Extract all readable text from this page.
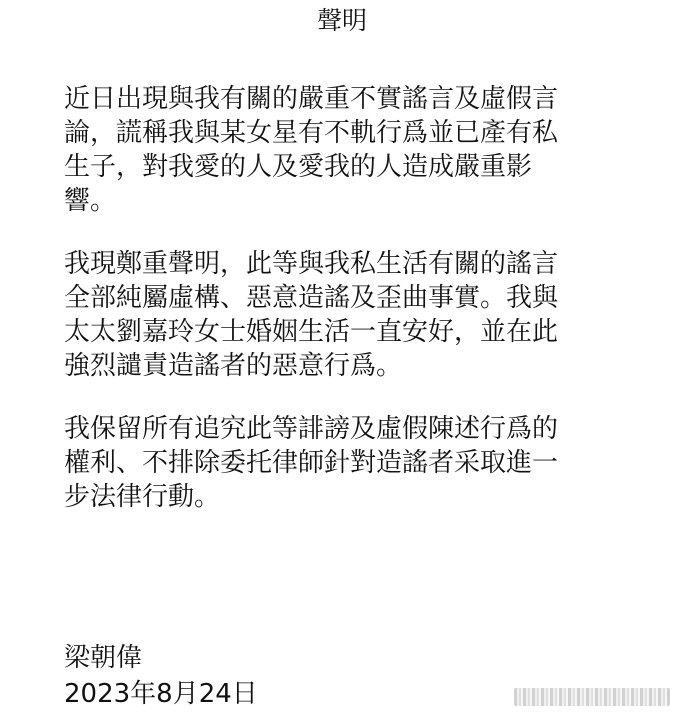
聲明

近日出現與我有關的嚴重不實謠言及虛假言
論，謊稱我與某女星有不軌行爲並已產有私
生子，對我愛的人及愛我的人造成嚴重影
響。

我現鄭重聲明，此等與我私生活有關的謠言
全部純屬虛構、惡意造謠及歪曲事實。我與
太太劉嘉玲女士婚姻生活一直安好，並在此
強烈譴責造謠者的惡意行爲。

我保留所有追究此等誹謗及虛假陳述行爲的
權利、不排除委托律師針對造謠者采取進一
步法律行動。

梁朝偉
2023年8月24日
